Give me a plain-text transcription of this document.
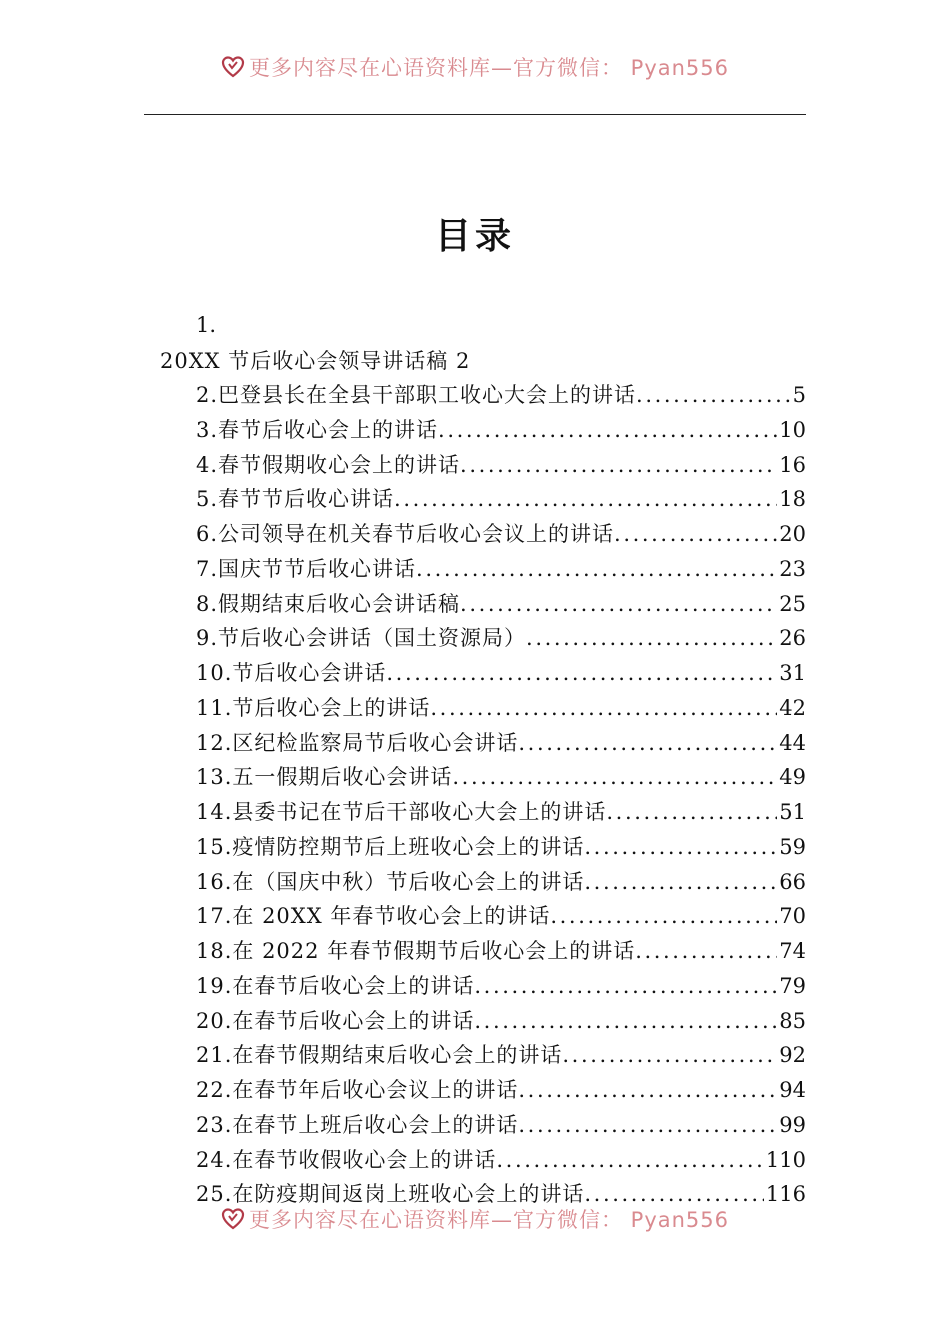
更多内容尽在心语资料库—官方微信： Pyan556
目录
1.
20XX 节后收心会领导讲话稿 2
2.巴登县长在全县干部职工收心大会上的讲话 .....	5
3.春节后收心会上的讲话 .....	10
4.春节假期收心会上的讲话 .....	16
5.春节节后收心讲话 .....	18
6.公司领导在机关春节后收心会议上的讲话 .....	20
7.国庆节节后收心讲话 .....	23
8.假期结束后收心会讲话稿 .....	25
9.节后收心会讲话（国土资源局） .....	26
10.节后收心会讲话 .....	31
11.节后收心会上的讲话 .....	42
12.区纪检监察局节后收心会讲话 .....	44
13.五一假期后收心会讲话 .....	49
14.县委书记在节后干部收心大会上的讲话 .....	51
15.疫情防控期节后上班收心会上的讲话 .....	59
16.在（国庆中秋）节后收心会上的讲话 .....	66
17.在 20XX 年春节收心会上的讲话 .....	70
18.在 2022 年春节假期节后收心会上的讲话 .....	74
19.在春节后收心会上的讲话 .....	79
20.在春节后收心会上的讲话 .....	85
21.在春节假期结束后收心会上的讲话 .....	92
22.在春节年后收心会议上的讲话 .....	94
23.在春节上班后收心会上的讲话 .....	99
24.在春节收假收心会上的讲话 .....	110
25.在防疫期间返岗上班收心会上的讲话 .....	116
更多内容尽在心语资料库—官方微信： Pyan556
